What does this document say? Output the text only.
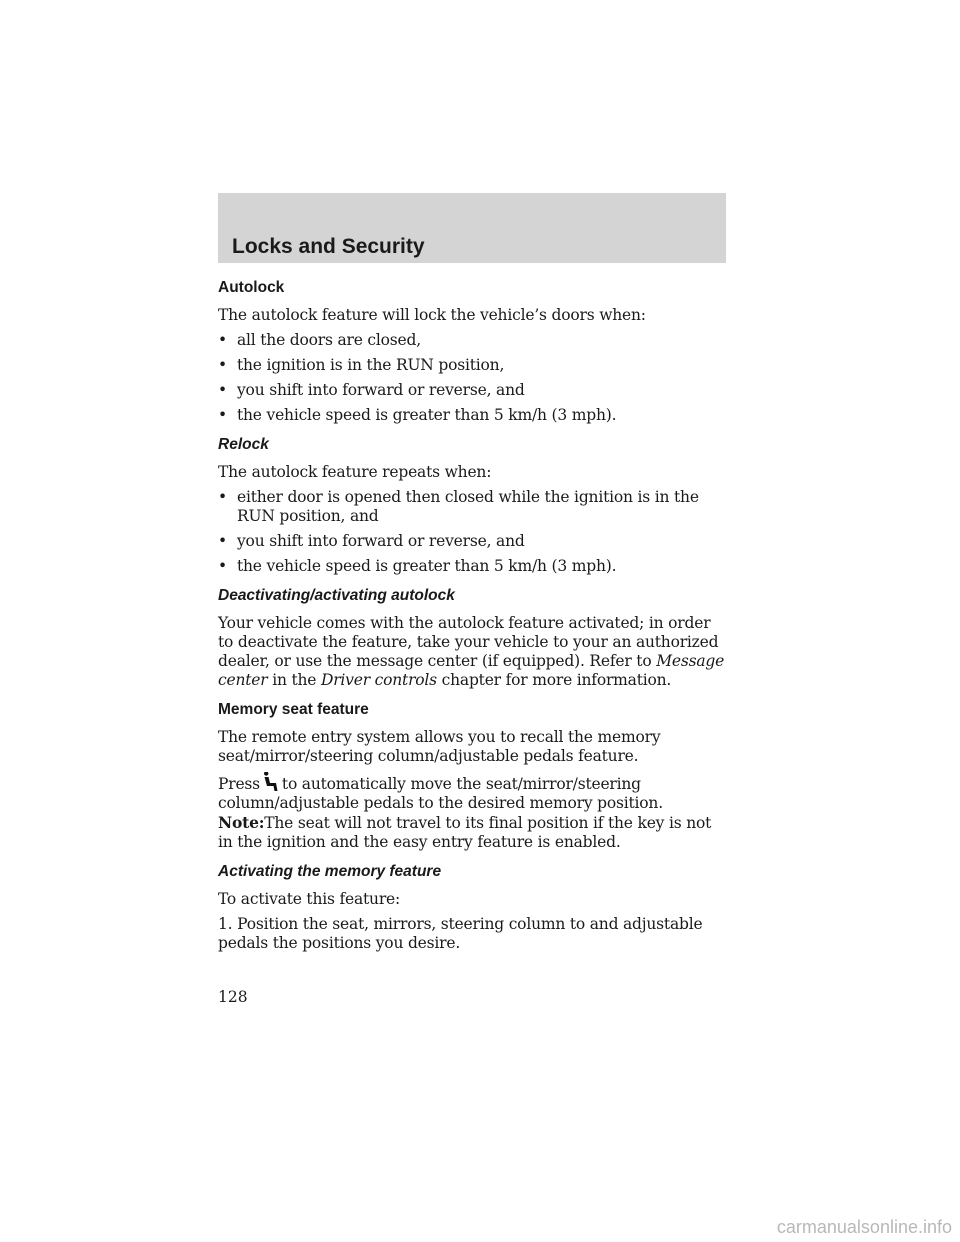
Locks and Security
Autolock

The autolock feature will lock the vehicle’s doors when:

• all the doors are closed,
• the ignition is in the RUN position,
• you shift into forward or reverse, and
• the vehicle speed is greater than 5 km/h (3 mph).
Relock

The autolock feature repeats when:

• either door is opened then closed while the ignition is in the RUN position, and
• you shift into forward or reverse, and
• the vehicle speed is greater than 5 km/h (3 mph).
Deactivating/activating autolock

Your vehicle comes with the autolock feature activated; in order to deactivate the feature, take your vehicle to your an authorized dealer, or use the message center (if equipped). Refer to Message center in the Driver controls chapter for more information.

Memory seat feature

The remote entry system allows you to recall the memory seat/mirror/steering column/adjustable pedals feature.

Press to automatically move the seat/mirror/steering column/adjustable pedals to the desired memory position. Note:The seat will not travel to its final position if the key is not in the ignition and the easy entry feature is enabled.

Activating the memory feature

To activate this feature:

1. Position the seat, mirrors, steering column to and adjustable pedals the positions you desire.

128
carmanualsonline.info
